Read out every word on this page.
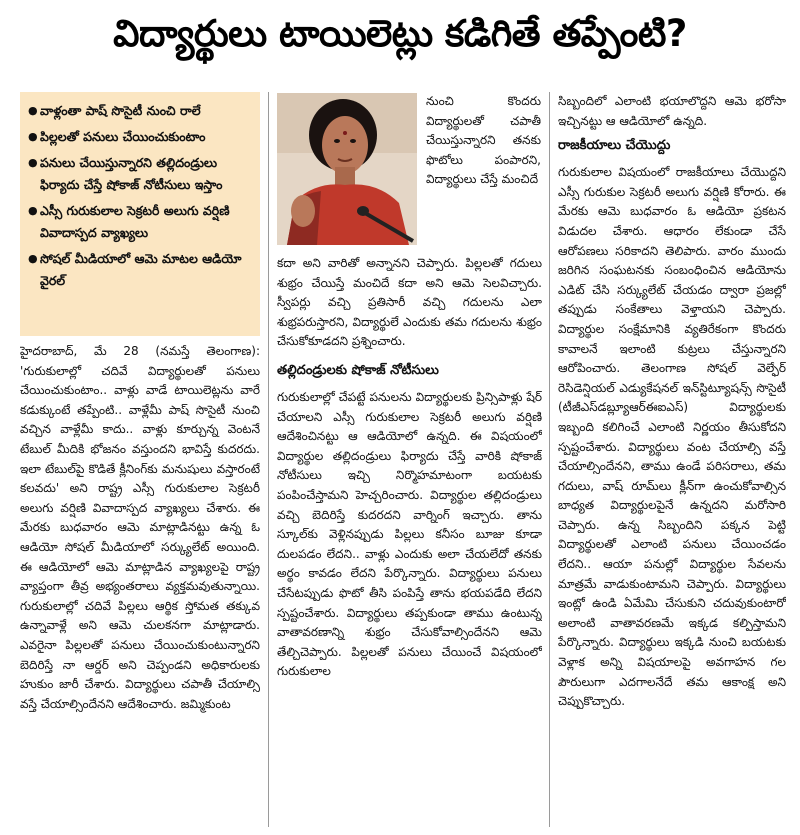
విద్యార్థులు టాయిలెట్లు కడిగితే తప్పేంటి?
● వాళ్లంతా పాష్ సొసైటీ నుంచి రాలే
● పిల్లలతో పనులు చేయించుకుంటాం
● పనులు చేయిస్తున్నారని తల్లిదండ్రులు ఫిర్యాదు చేస్తే షోకాజ్ నోటీసులు ఇస్తాం
● ఎస్సీ గురుకులాల సెక్రటరీ అలుగు వర్షిణి వివాదాస్పద వ్యాఖ్యలు
● సోషల్ మీడియాలో ఆమె మాటల ఆడియో వైరల్

హైదరాబాద్, మే 28 (నమస్తే తెలంగాణ): 'గురుకులాల్లో చదివే విద్యార్థులతో పనులు చేయించుకుంటాం.. వాళ్లు వాడే టాయిలెట్లను వారే కడుక్కుంటే తప్పేంటి.. వాళ్లేమీ పాష్ సొసైటీ నుంచి వచ్చిన వాళ్లేమీ కాదు.. వాళ్లు కూర్చున్న వెంటనే టేబుల్ మీదికి భోజనం వస్తుందని భావిస్తే కుదరదు. ఇలా టేబుల్‌పై కొడితే క్లీనింగ్‌కు మనుషులు వస్తారంటే కలవదు' అని రాష్ట్ర ఎస్సీ గురుకులాల సెక్రటరీ అలుగు వర్షిణి వివాదాస్పద వ్యాఖ్యలు చేశారు. ఈ మేరకు బుధవారం ఆమె మాట్లాడినట్టు ఉన్న ఓ ఆడియో సోషల్ మీడియాలో సర్క్యులేట్ అయింది. ఈ ఆడియోలో ఆమె మాట్లాడిన వ్యాఖ్యలపై రాష్ట్ర వ్యాప్తంగా తీవ్ర అభ్యంతరాలు వ్యక్తమవుతున్నాయి. గురుకులాల్లో చదివే పిల్లలు ఆర్థిక స్తోమత తక్కువ ఉన్నావాళ్లే అని ఆమె చులకనగా మాట్లాడారు. ఎవరైనా పిల్లలతో పనులు చేయించుకుంటున్నారని బెదిరిస్తే నా ఆర్డర్ అని చెప్పండని అధికారులకు హుకుం జారీ చేశారు. విద్యార్థులు చపాతీ చేయాల్సి వస్తే చేయాల్సిందేనని ఆదేశించారు. జమ్మికుంట

నుంచి కొందరు విద్యార్థులతో చపాతీ చేయిస్తున్నారని తనకు ఫొటోలు పంపారని, విద్యార్థులు చేస్తే మంచిదే

కదా అని వారితో అన్నానని చెప్పారు. పిల్లలతో గదులు శుభ్రం చేయిస్తే మంచిదే కదా అని ఆమె సెలవిచ్చారు. స్వీపర్లు వచ్చి ప్రతిసారీ వచ్చి గదులను ఎలా శుభ్రపరుస్తారని, విద్యార్థులే ఎందుకు తమ గదులను శుభ్రం చేసుకోకూడదని ప్రశ్నించారు.

తల్లిదండ్రులకు షోకాజ్ నోటీసులు

గురుకులాల్లో చేపట్టే పనులను విద్యార్థులకు ప్రిన్సిపాళ్లు షేర్ చేయాలని ఎస్సీ గురుకులాల సెక్రటరీ అలుగు వర్షిణి ఆదేశించినట్టు ఆ ఆడియోలో ఉన్నది. ఈ విషయంలో విద్యార్థుల తల్లిదండ్రులు ఫిర్యాదు చేస్తే వారికి షోకాజ్ నోటీసులు ఇచ్చి నిర్మొహమాటంగా బయటకు పంపించేస్తామని హెచ్చరించారు. విద్యార్థుల తల్లిదండ్రులు వచ్చి బెదిరిస్తే కుదరదని వార్నింగ్ ఇచ్చారు. తాను స్కూల్‌కు వెళ్లినప్పుడు పిల్లలు కనీసం బూజు కూడా దులపడం లేదని.. వాళ్లు ఎందుకు అలా చేయలేదో తనకు అర్థం కావడం లేదని పేర్కొన్నారు. విద్యార్థులు పనులు చేసేటప్పుడు ఫొటో తీసి పంపిస్తే తాను భయపడేది లేదని స్పష్టంచేశారు. విద్యార్థులు తప్పకుండా తాము ఉంటున్న వాతావరణాన్ని శుభ్రం చేసుకోవాల్సిందేనని ఆమె తేల్చిచెప్పారు. పిల్లలతో పనులు చేయించే విషయంలో గురుకులాల

సిబ్బందిలో ఎలాంటి భయాలొద్దని ఆమె భరోసా ఇచ్చినట్టు ఆ ఆడియోలో ఉన్నది.

రాజకీయాలు చేయొద్దు

గురుకులాల విషయంలో రాజకీయాలు చేయొద్దని ఎస్సీ గురుకుల సెక్రటరీ అలుగు వర్షిణి కోరారు. ఈ మేరకు ఆమె బుధవారం ఓ ఆడియో ప్రకటన విడుదల చేశారు. ఆధారం లేకుండా చేసే ఆరోపణలు సరికాదని తెలిపారు. వారం ముందు జరిగిన సంఘటనకు సంబంధించిన ఆడియోను ఎడిట్ చేసి సర్క్యులేట్ చేయడం ద్వారా ప్రజల్లో తప్పుడు సంకేతాలు వెళ్తాయని చెప్పారు. విద్యార్థుల సంక్షేమానికి వ్యతిరేకంగా కొందరు కావాలనే ఇలాంటి కుట్రలు చేస్తున్నారని ఆరోపించారు. తెలంగాణ సోషల్ వెల్ఫేర్ రెసిడెన్షియల్ ఎడ్యుకేషనల్ ఇన్‌స్టిట్యూషన్స్ సొసైటీ (టీజీఎస్‌డబ్ల్యూఆర్‌ఈఐఎస్) విద్యార్థులకు ఇబ్బంది కలిగించే ఎలాంటి నిర్ణయం తీసుకోదని స్పష్టంచేశారు. విద్యార్థులు వంట చేయాల్సి వస్తే చేయాల్సిందేనని, తాము ఉండే పరిసరాలు, తమ గదులు, వాష్ రూమ్‌లు క్లీన్‌గా ఉంచుకోవాల్సిన బాధ్యత విద్యార్థులపైనే ఉన్నదని మరోసారి చెప్పారు. ఉన్న సిబ్బందిని పక్కన పెట్టి విద్యార్థులతో ఎలాంటి పనులు చేయించడం లేదని.. ఆయా పనుల్లో విద్యార్థుల సేవలను మాత్రమే వాడుకుంటామని చెప్పారు. విద్యార్థులు ఇంట్లో ఉండి ఏమేమి చేసుకుని చదువుకుంటారో అలాంటి వాతావరణమే ఇక్కడ కల్పిస్తామని పేర్కొన్నారు. విద్యార్థులు ఇక్కడి నుంచి బయటకు వెళ్లాక అన్ని విషయాలపై అవగాహన గల పౌరులుగా ఎదగాలనేదే తమ ఆకాంక్ష అని చెప్పుకొచ్చారు.
